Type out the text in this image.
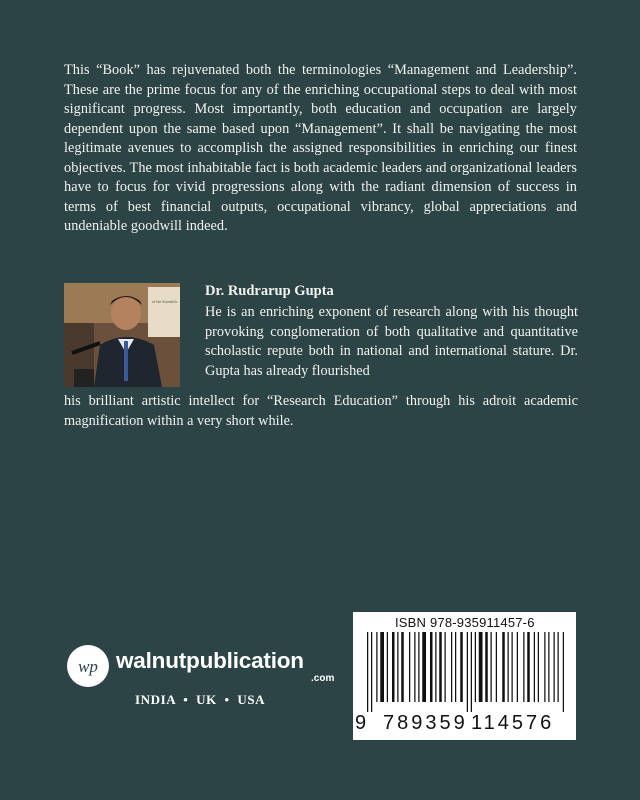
This “Book” has rejuvenated both the terminologies “Management and Leadership”. These are the prime focus for any of the enriching occupational steps to deal with most significant progress. Most importantly, both education and occupation are largely dependent upon the same based upon “Management”. It shall be navigating the most legitimate avenues to accomplish the assigned responsibilities in enriching our finest objectives. The most inhabitable fact is both academic leaders and organizational leaders have to focus for vivid progressions along with the radiant dimension of success in terms of best financial outputs, occupational vibrancy, global appreciations and undeniable goodwill indeed.

of the Scientific

Dr. Rudrarup Gupta

He is an enriching exponent of research along with his thought provoking conglomeration of both qualitative and quantitative scholastic repute both in national and international stature. Dr. Gupta has already flourished

his brilliant artistic intellect for “Research Education” through his adroit academic magnification within a very short while.

wp walnutpublication
.com
INDIA  •  UK  •  USA
ISBN 978-935911457-6
9 789359 114576
